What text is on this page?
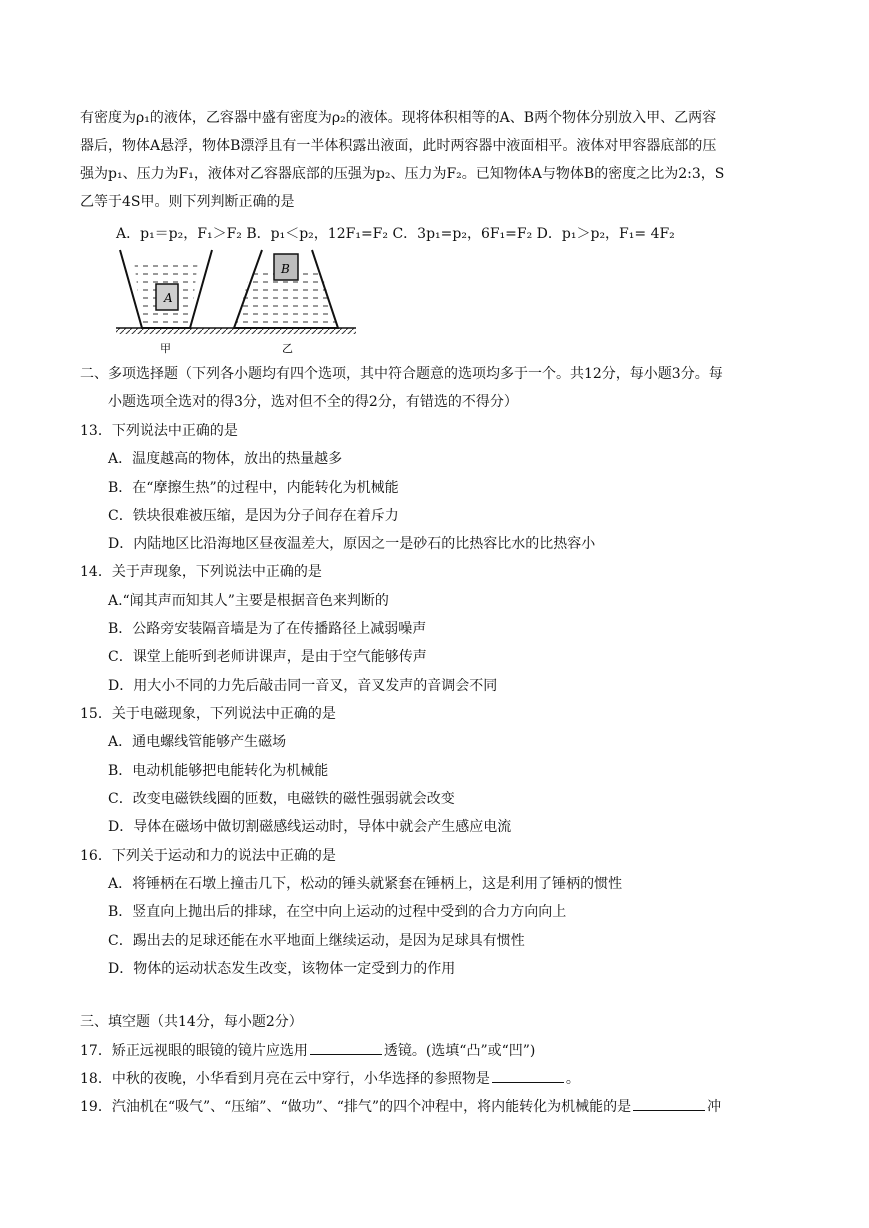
有密度为ρ₁的液体，乙容器中盛有密度为ρ₂的液体。现将体积相等的A、B两个物体分别放入甲、乙两容
器后，物体A悬浮，物体B漂浮且有一半体积露出液面，此时两容器中液面相平。液体对甲容器底部的压
强为p₁、压力为F₁，液体对乙容器底部的压强为p₂、压力为F₂。已知物体A与物体B的密度之比为2:3，S
乙等于4S甲。则下列判断正确的是
A．p₁＝p₂，F₁＞F₂ B．p₁＜p₂，12F₁=F₂ C．3p₁=p₂，6F₁=F₂ D．p₁＞p₂，F₁= 4F₂
A
B
甲	乙
二、多项选择题（下列各小题均有四个选项，其中符合题意的选项均多于一个。共12分，每小题3分。每
小题选项全选对的得3分，选对但不全的得2分，有错选的不得分）
13．下列说法中正确的是
A．温度越高的物体，放出的热量越多
B．在“摩擦生热”的过程中，内能转化为机械能
C．铁块很难被压缩，是因为分子间存在着斥力
D．内陆地区比沿海地区昼夜温差大，原因之一是砂石的比热容比水的比热容小
14．关于声现象，下列说法中正确的是
A.“闻其声而知其人”主要是根据音色来判断的
B．公路旁安装隔音墙是为了在传播路径上减弱噪声
C．课堂上能听到老师讲课声，是由于空气能够传声
D．用大小不同的力先后敲击同一音叉，音叉发声的音调会不同
15．关于电磁现象，下列说法中正确的是
A．通电螺线管能够产生磁场
B．电动机能够把电能转化为机械能
C．改变电磁铁线圈的匝数，电磁铁的磁性强弱就会改变
D．导体在磁场中做切割磁感线运动时，导体中就会产生感应电流
16．下列关于运动和力的说法中正确的是
A．将锤柄在石墩上撞击几下，松动的锤头就紧套在锤柄上，这是利用了锤柄的惯性
B．竖直向上抛出后的排球，在空中向上运动的过程中受到的合力方向向上
C．踢出去的足球还能在水平地面上继续运动，是因为足球具有惯性
D．物体的运动状态发生改变，该物体一定受到力的作用
三、填空题（共14分，每小题2分）
17．矫正远视眼的眼镜的镜片应选用	透镜。(选填“凸”或“凹”)
18．中秋的夜晚，小华看到月亮在云中穿行，小华选择的参照物是	。
19．汽油机在“吸气”、“压缩”、“做功”、“排气”的四个冲程中，将内能转化为机械能的是	冲
